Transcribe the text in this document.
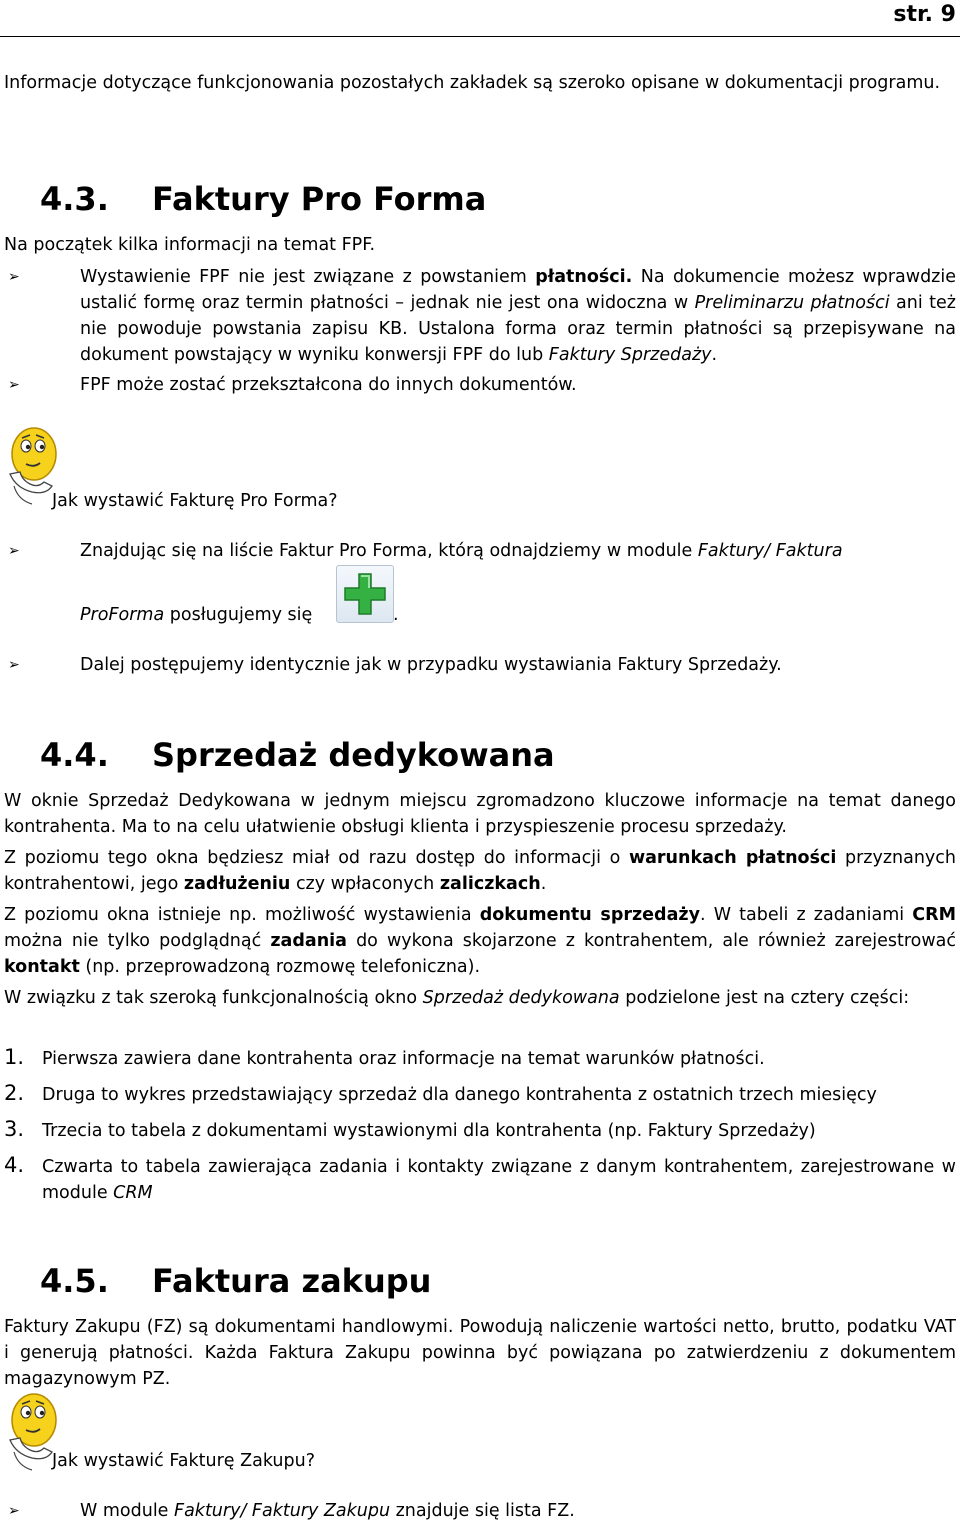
str. 9
Informacje dotyczące funkcjonowania pozostałych zakładek są szeroko opisane w dokumentacji programu.
4.3. Faktury Pro Forma
Na początek kilka informacji na temat FPF.
➢	Wystawienie FPF nie jest związane z powstaniem płatności. Na dokumencie możesz wprawdzie ustalić formę oraz termin płatności – jednak nie jest ona widoczna w Preliminarzu płatności ani też nie powoduje powstania zapisu KB. Ustalona forma oraz termin płatności są przepisywane na dokument powstający w wyniku konwersji FPF do lub Faktury Sprzedaży.
➢	FPF może zostać przekształcona do innych dokumentów.
Jak wystawić Fakturę Pro Forma?
➢	Znajdując się na liście Faktur Pro Forma, którą odnajdziemy w module Faktury/ Faktura
ProForma posługujemy się	.
➢	Dalej postępujemy identycznie jak w przypadku wystawiania Faktury Sprzedaży.
4.4. Sprzedaż dedykowana
W oknie Sprzedaż Dedykowana w jednym miejscu zgromadzono kluczowe informacje na temat danego kontrahenta. Ma to na celu ułatwienie obsługi klienta i przyspieszenie procesu sprzedaży.
Z poziomu tego okna będziesz miał od razu dostęp do informacji o warunkach płatności przyznanych kontrahentowi, jego zadłużeniu czy wpłaconych zaliczkach.
Z poziomu okna istnieje np. możliwość wystawienia dokumentu sprzedaży. W tabeli z zadaniami CRM można nie tylko podglądnąć zadania do wykona skojarzone z kontrahentem, ale również zarejestrować kontakt (np. przeprowadzoną rozmowę telefoniczna).
W związku z tak szeroką funkcjonalnością okno Sprzedaż dedykowana podzielone jest na cztery części:
1. Pierwsza zawiera dane kontrahenta oraz informacje na temat warunków płatności.
2. Druga to wykres przedstawiający sprzedaż dla danego kontrahenta z ostatnich trzech miesięcy
3. Trzecia to tabela z dokumentami wystawionymi dla kontrahenta (np. Faktury Sprzedaży)
4. Czwarta to tabela zawierająca zadania i kontakty związane z danym kontrahentem, zarejestrowane w module CRM
4.5. Faktura zakupu
Faktury Zakupu (FZ) są dokumentami handlowymi. Powodują naliczenie wartości netto, brutto, podatku VAT i generują płatności. Każda Faktura Zakupu powinna być powiązana po zatwierdzeniu z dokumentem magazynowym PZ.
Jak wystawić Fakturę Zakupu?
➢	W module Faktury/ Faktury Zakupu znajduje się lista FZ.
